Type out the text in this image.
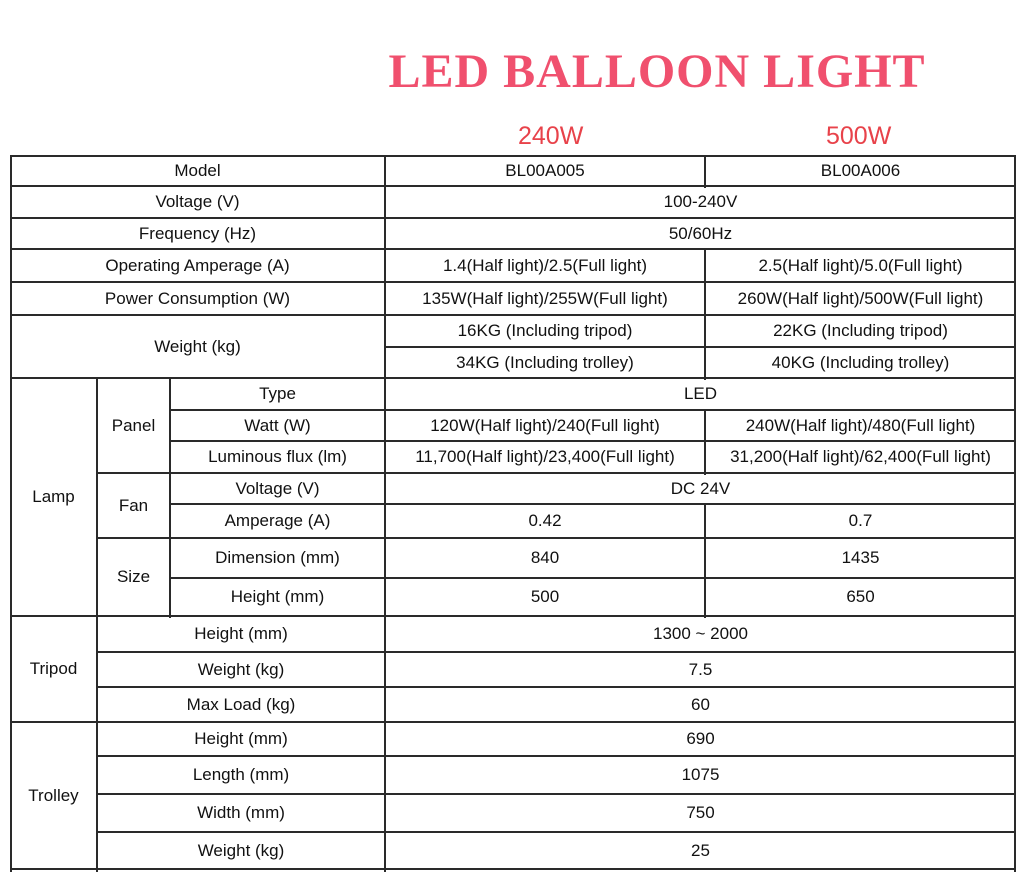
LED BALLOON LIGHT
240W	500W
Model	BL00A005	BL00A006
Voltage (V)	100-240V
Frequency (Hz)	50/60Hz
Operating Amperage (A)	1.4(Half light)/2.5(Full light)	2.5(Half light)/5.0(Full light)
Power Consumption (W)	135W(Half light)/255W(Full light)	260W(Half light)/500W(Full light)
Weight (kg)
16KG (Including tripod)	22KG (Including tripod)
34KG (Including trolley)	40KG (Including trolley)
Lamp
Panel
Type	LED
Watt (W)	120W(Half light)/240(Full light)	240W(Half light)/480(Full light)
Luminous flux (lm)	11,700(Half light)/23,400(Full light)	31,200(Half light)/62,400(Full light)
Fan
Voltage (V)	DC 24V
Amperage (A)	0.42	0.7
Size
Dimension (mm)	840	1435
Height (mm)	500	650
Tripod
Height (mm)	1300 ~ 2000
Weight (kg)	7.5
Max Load (kg)	60
Trolley
Height (mm)	690
Length (mm)	1075
Width (mm)	750
Weight (kg)	25
